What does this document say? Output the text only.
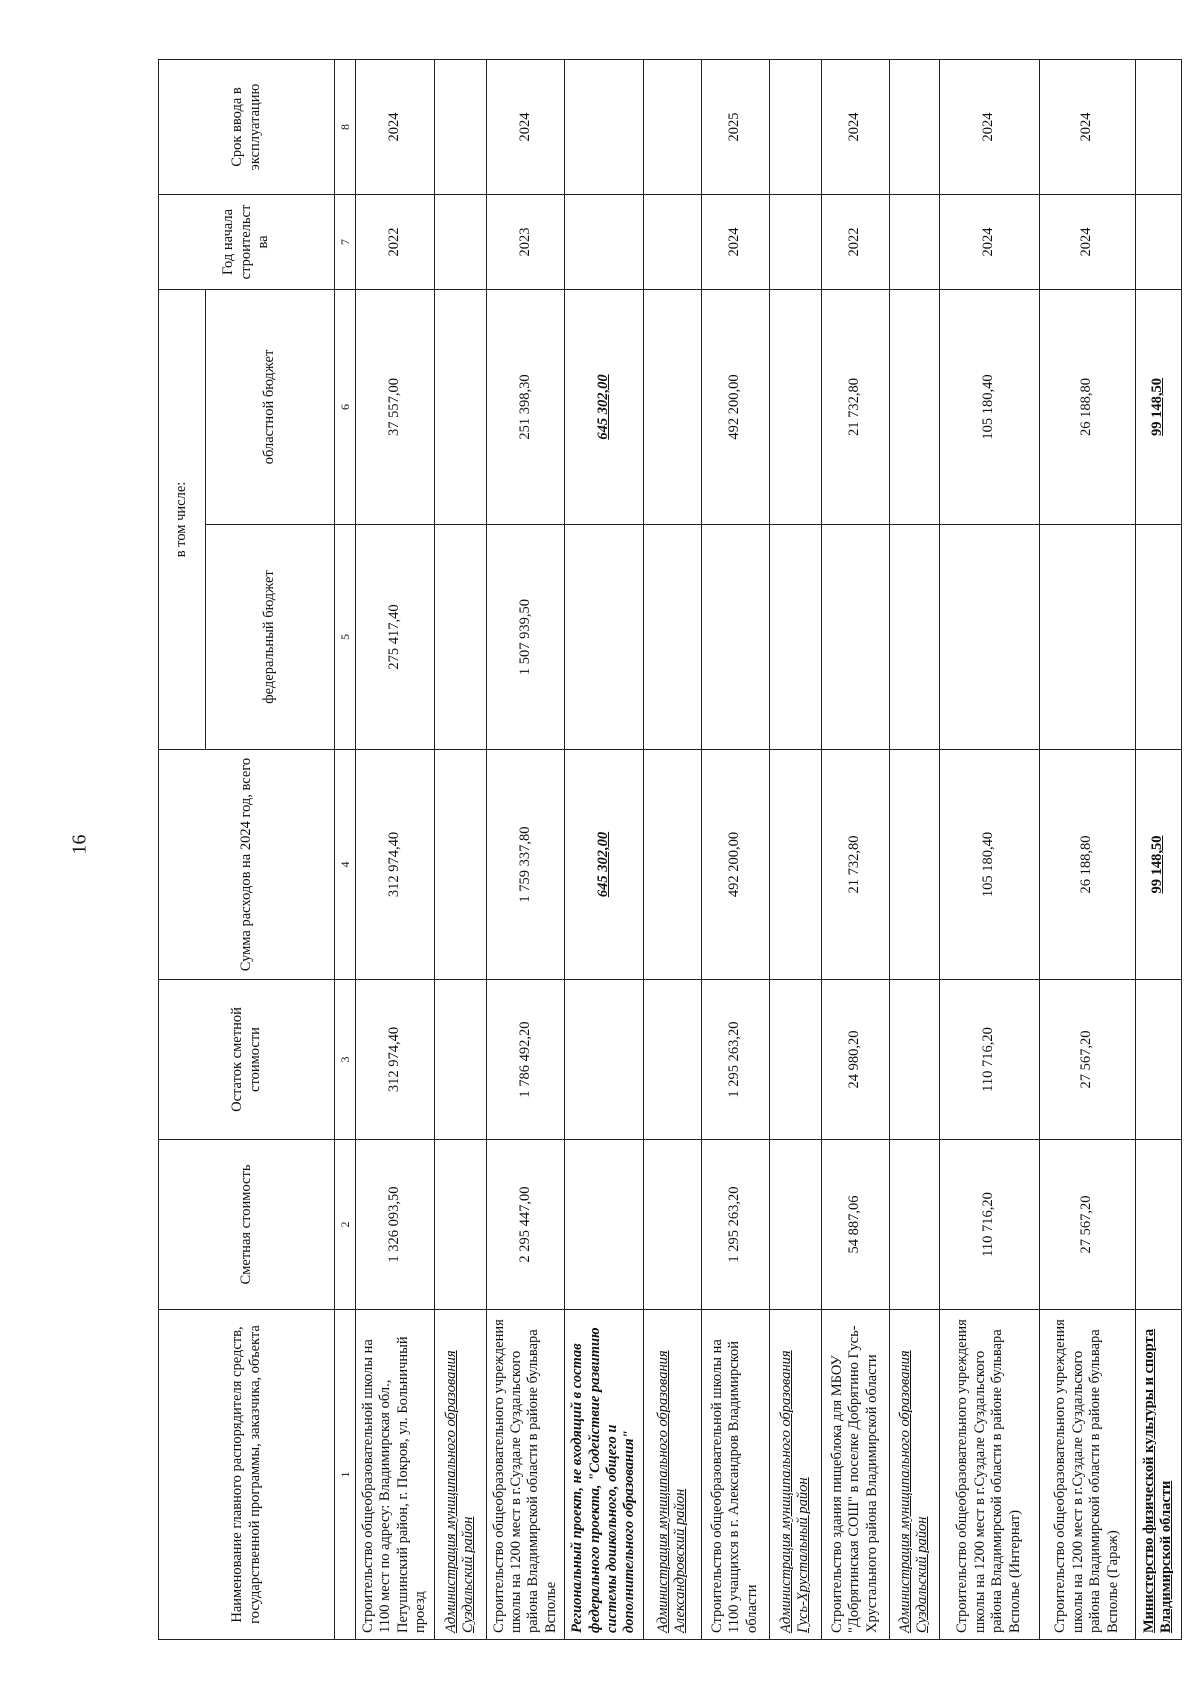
16
Наименование главного распорядителя средств, государственной программы, заказчика, объекта	Сметная стоимость	Остаток сметной стоимости	Сумма расходов на 2024 год, всего	в том числе:		Год начала строительст ва	Срок ввода в эксплуатацию
				федеральный бюджет	областной бюджет		
1	2	3	4	5	6	7	8
Строительство общеобразовательной школы на 1100 мест по адресу: Владимирская обл., Петушинский район, г. Покров, ул. Больничный проезд	1 326 093,50	312 974,40	312 974,40	275 417,40	37 557,00	2022	2024
Администрация муниципального образования Суздальский район							
Строительство общеобразовательного учреждения школы на 1200 мест в г.Суздале Суздальского района Владимирской области в районе бульвара Всполье	2 295 447,00	1 786 492,20	1 759 337,80	1 507 939,50	251 398,30	2023	2024
Региональный проект, не входящий в состав федерального проекта, "Содействие развитию системы дошкольного, общего и дополнительного образования"			645 302,00		645 302,00		
Администрация муниципального образования Александровский район							
Строительство общеобразовательной школы на 1100 учащихся в г. Александров Владимирской области	1 295 263,20	1 295 263,20	492 200,00		492 200,00	2024	2025
Администрация муниципального образования Гусь-Хрустальный район							
Строительство здания пищеблока для МБОУ "Добрятинская СОШ" в поселке Добрятино Гусь-Хрустального района Владимирской области	54 887,06	24 980,20	21 732,80		21 732,80	2022	2024
Администрация муниципального образования Суздальский район							
Строительство общеобразовательного учреждения школы на 1200 мест в г.Суздале Суздальского района Владимирской области в районе бульвара Всполье (Интернат)	110 716,20	110 716,20	105 180,40		105 180,40	2024	2024
Строительство общеобразовательного учреждения школы на 1200 мест в г.Суздале Суздальского района Владимирской области в районе бульвара Всполье (Гараж)	27 567,20	27 567,20	26 188,80		26 188,80	2024	2024
Министерство физической культуры и спорта Владимирской области			99 148,50		99 148,50		
